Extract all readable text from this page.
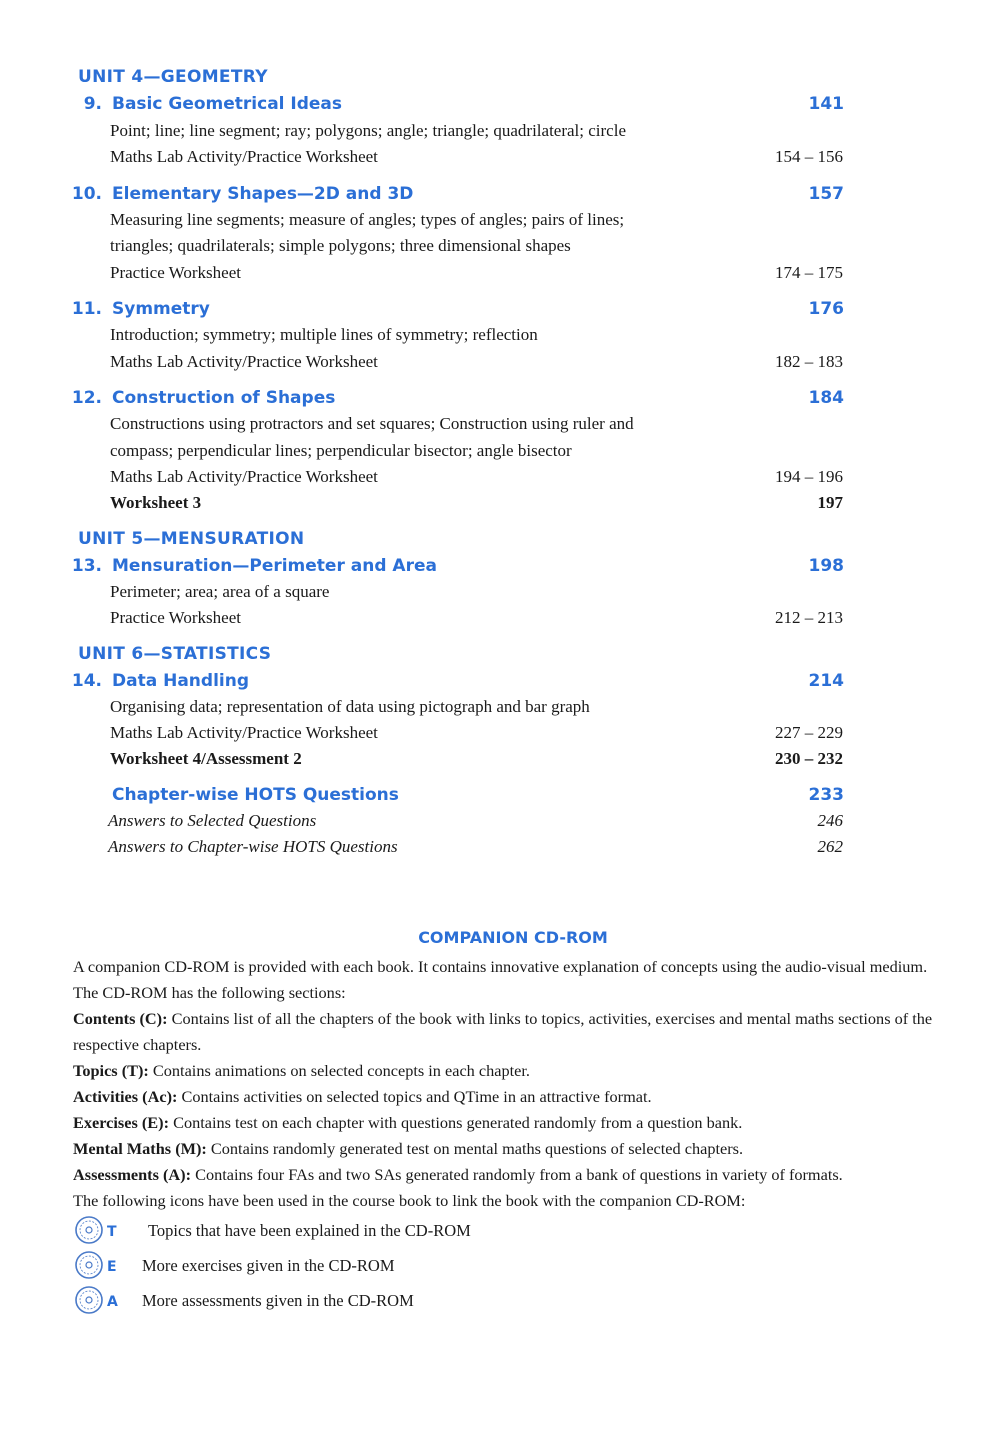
UNIT 4—GEOMETRY
9. Basic Geometrical Ideas	141
Point; line; line segment; ray; polygons; angle; triangle; quadrilateral; circle
Maths Lab Activity/Practice Worksheet	154 – 156
10. Elementary Shapes—2D and 3D	157
Measuring line segments; measure of angles; types of angles; pairs of lines;
triangles; quadrilaterals; simple polygons; three dimensional shapes
Practice Worksheet	174 – 175
11. Symmetry	176
Introduction; symmetry; multiple lines of symmetry; reflection
Maths Lab Activity/Practice Worksheet	182 – 183
12. Construction of Shapes	184
Constructions using protractors and set squares; Construction using ruler and
compass; perpendicular lines; perpendicular bisector; angle bisector
Maths Lab Activity/Practice Worksheet	194 – 196
Worksheet 3	197
UNIT 5—MENSURATION
13. Mensuration—Perimeter and Area	198
Perimeter; area; area of a square
Practice Worksheet	212 – 213
UNIT 6—STATISTICS
14. Data Handling	214
Organising data; representation of data using pictograph and bar graph
Maths Lab Activity/Practice Worksheet	227 – 229
Worksheet 4/Assessment 2	230 – 232
Chapter-wise HOTS Questions	233
Answers to Selected Questions	246
Answers to Chapter-wise HOTS Questions	262
COMPANION CD-ROM
A companion CD-ROM is provided with each book. It contains innovative explanation of concepts using the audio-visual medium. The CD-ROM has the following sections:
Contents (C): Contains list of all the chapters of the book with links to topics, activities, exercises and mental maths sections of the respective chapters.
Topics (T): Contains animations on selected concepts in each chapter.
Activities (Ac): Contains activities on selected topics and QTime in an attractive format.
Exercises (E): Contains test on each chapter with questions generated randomly from a question bank.
Mental Maths (M): Contains randomly generated test on mental maths questions of selected chapters.
Assessments (A): Contains four FAs and two SAs generated randomly from a bank of questions in variety of formats.
The following icons have been used in the course book to link the book with the companion CD-ROM:
T Topics that have been explained in the CD-ROM
E More exercises given in the CD-ROM
A More assessments given in the CD-ROM
